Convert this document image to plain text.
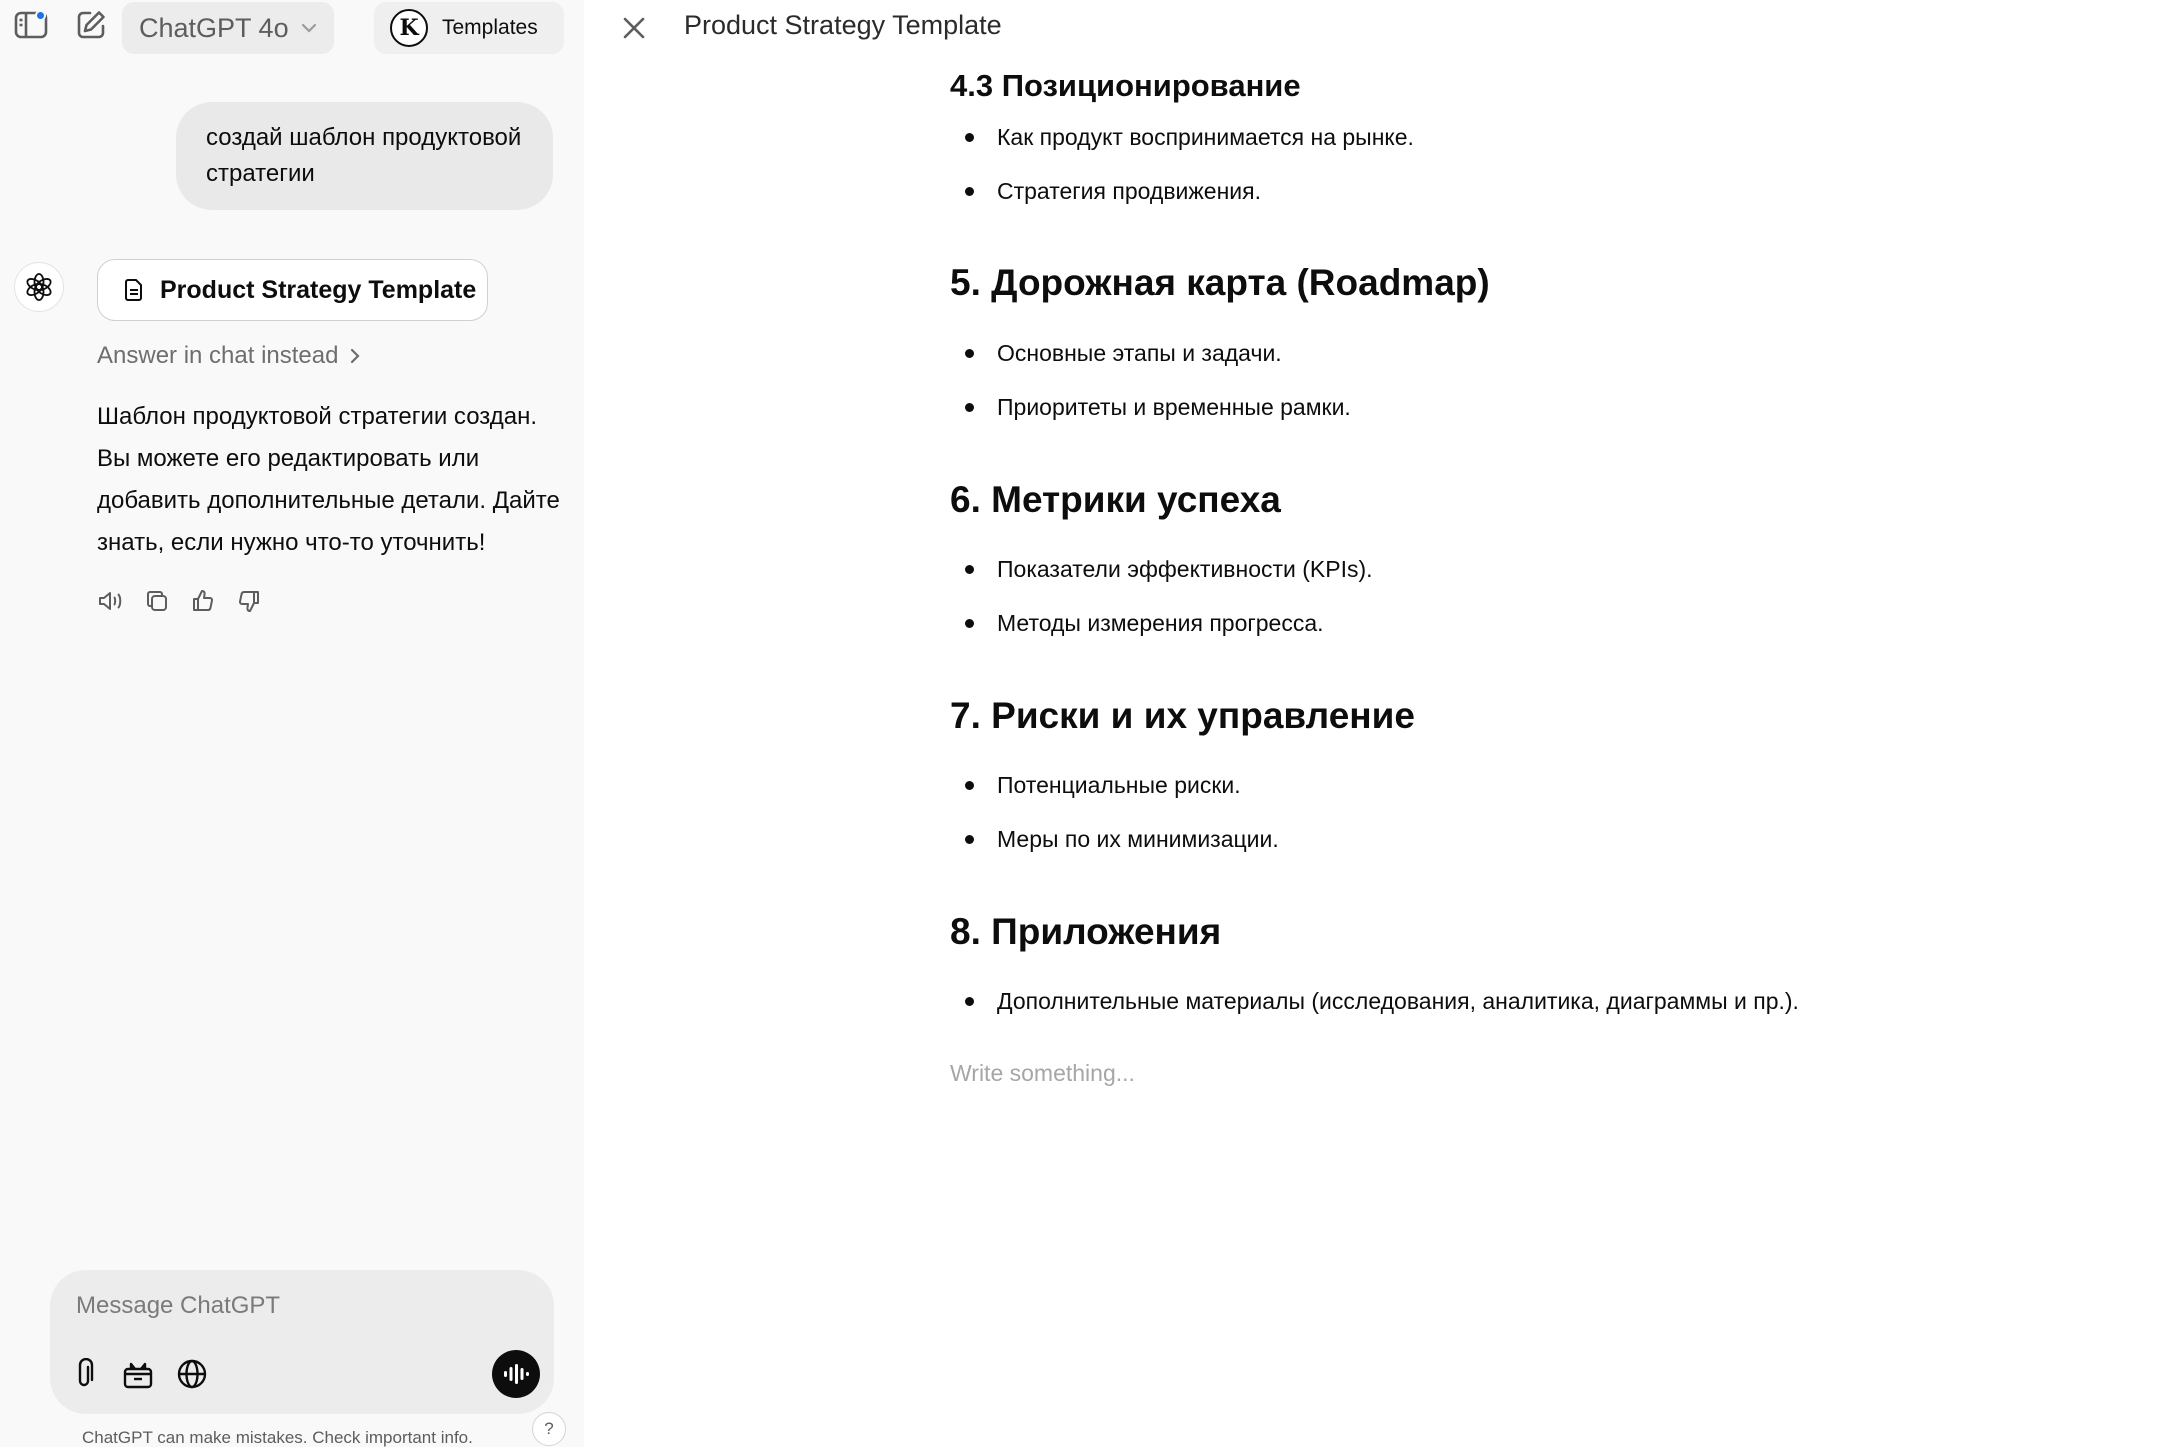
ChatGPT 4o	K	Templates
создай шаблон продуктовой стратегии
Product Strategy Template
Answer in chat instead
Шаблон продуктовой стратегии создан. Вы можете его редактировать или добавить дополнительные детали. Дайте знать, если нужно что-то уточнить!
Message ChatGPT
ChatGPT can make mistakes. Check important info.	?
Product Strategy Template
4.3 Позиционирование
Как продукт воспринимается на рынке.
Стратегия продвижения.
5. Дорожная карта (Roadmap)
Основные этапы и задачи.
Приоритеты и временные рамки.
6. Метрики успеха
Показатели эффективности (KPIs).
Методы измерения прогресса.
7. Риски и их управление
Потенциальные риски.
Меры по их минимизации.
8. Приложения
Дополнительные материалы (исследования, аналитика, диаграммы и пр.).
Write something...
